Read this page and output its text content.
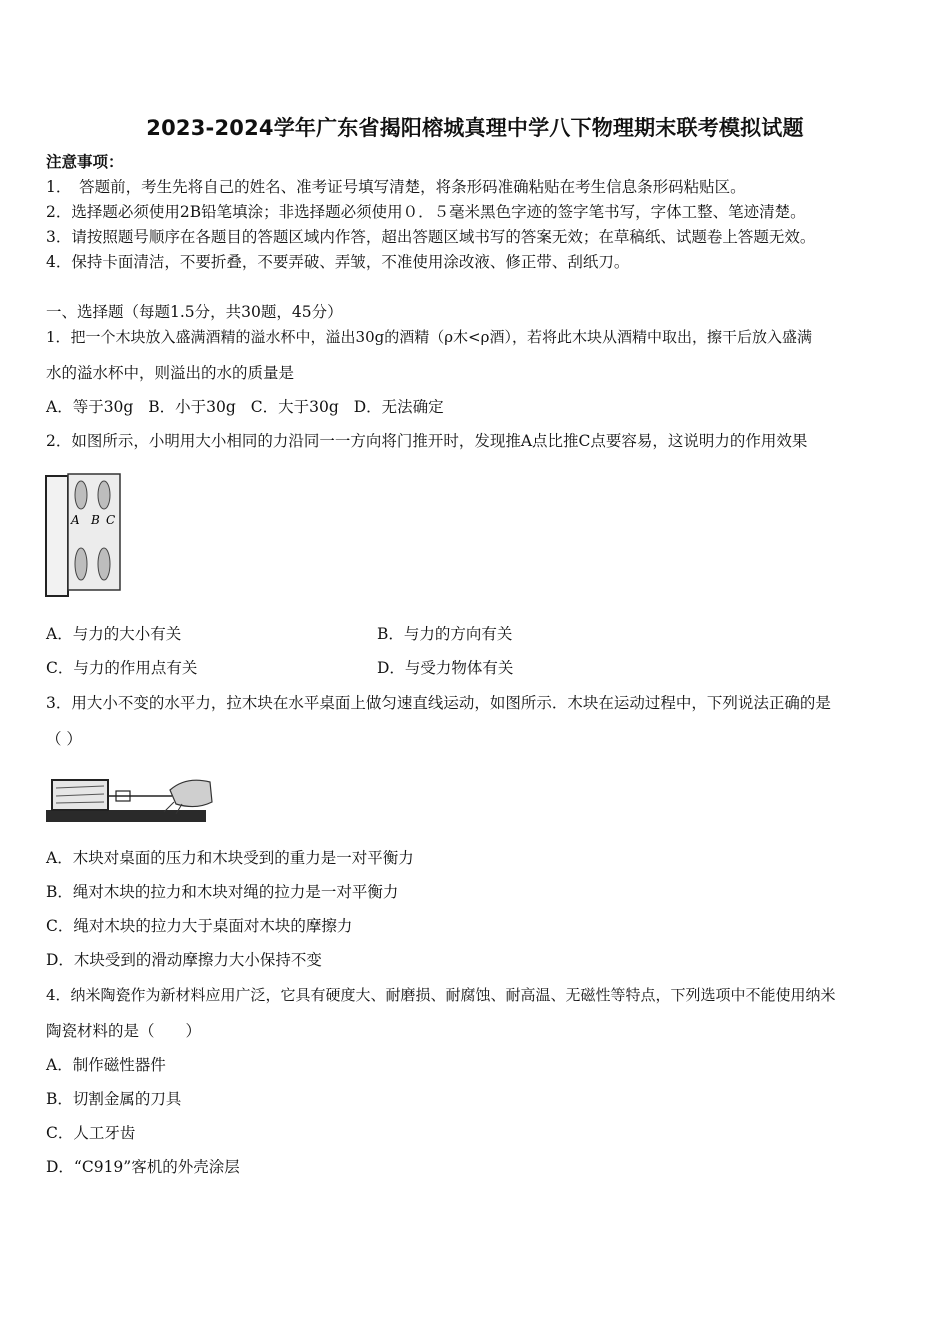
2023-2024学年广东省揭阳榕城真理中学八下物理期末联考模拟试题
注意事项：
1．　答题前，考生先将自己的姓名、准考证号填写清楚，将条形码准确粘贴在考生信息条形码粘贴区。
2．选择题必须使用2B铅笔填涂；非选择题必须使用０．５毫米黑色字迹的签字笔书写，字体工整、笔迹清楚。
3．请按照题号顺序在各题目的答题区域内作答，超出答题区域书写的答案无效；在草稿纸、试题卷上答题无效。
4．保持卡面清洁，不要折叠，不要弄破、弄皱，不准使用涂改液、修正带、刮纸刀。
一、选择题（每题1.5分，共30题，45分）
1．把一个木块放入盛满酒精的溢水杯中，溢出30g的酒精（ρ木<ρ酒），若将此木块从酒精中取出，擦干后放入盛满
水的溢水杯中，则溢出的水的质量是
A．等于30g B．小于30g C．大于30g D．无法确定
2．如图所示，小明用大小相同的力沿同一一方向将门推开时，发现推A点比推C点要容易，这说明力的作用效果
A B C
A．与力的大小有关	B．与力的方向有关
C．与力的作用点有关	D．与受力物体有关
3．用大小不变的水平力，拉木块在水平桌面上做匀速直线运动，如图所示．木块在运动过程中，下列说法正确的是
（ ）
A．木块对桌面的压力和木块受到的重力是一对平衡力
B．绳对木块的拉力和木块对绳的拉力是一对平衡力
C．绳对木块的拉力大于桌面对木块的摩擦力
D．木块受到的滑动摩擦力大小保持不变
4．纳米陶瓷作为新材料应用广泛，它具有硬度大、耐磨损、耐腐蚀、耐高温、无磁性等特点，下列选项中不能使用纳米
陶瓷材料的是（　　）
A．制作磁性器件
B．切割金属的刀具
C．人工牙齿
D．“C919”客机的外壳涂层
